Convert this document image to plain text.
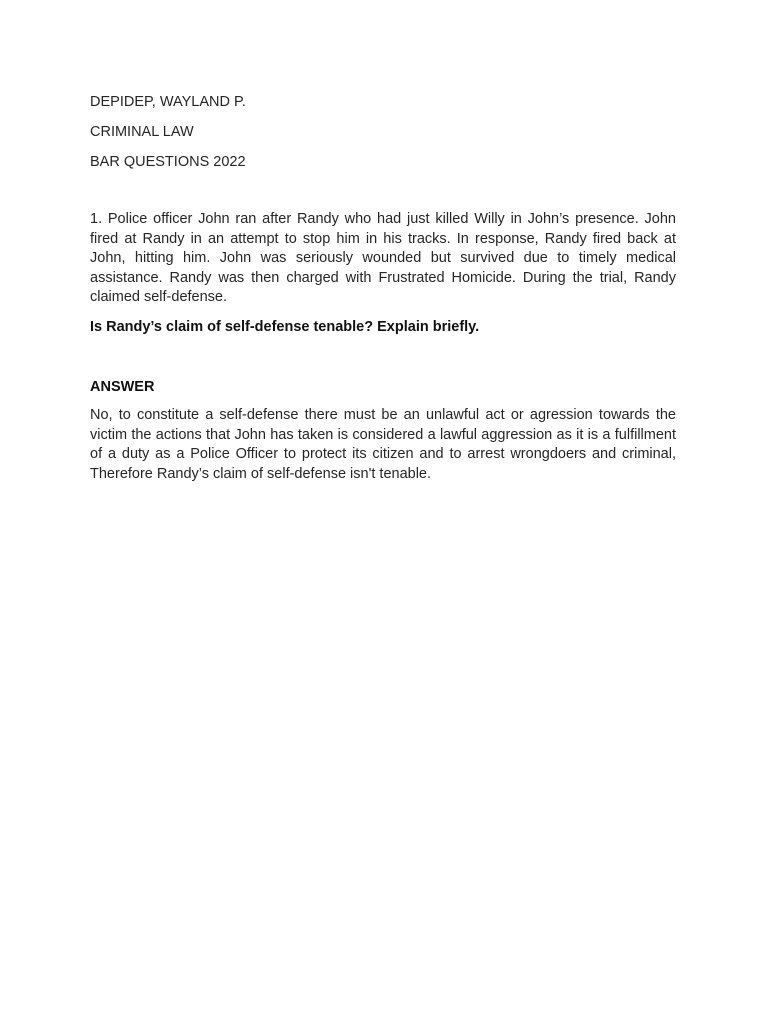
DEPIDEP, WAYLAND P.
CRIMINAL LAW
BAR QUESTIONS 2022

1. Police officer John ran after Randy who had just killed Willy in John’s presence. John fired at Randy in an attempt to stop him in his tracks. In response, Randy fired back at John, hitting him. John was seriously wounded but survived due to timely medical assistance. Randy was then charged with Frustrated Homicide. During the trial, Randy claimed self-defense.

Is Randy’s claim of self-defense tenable? Explain briefly.
ANSWER

No, to constitute a self-defense there must be an unlawful act or agression towards the victim the actions that John has taken is considered a lawful aggression as it is a fulfillment of a duty as a Police Officer to protect its citizen and to arrest wrongdoers and criminal, Therefore Randy’s claim of self-defense isn't tenable.
